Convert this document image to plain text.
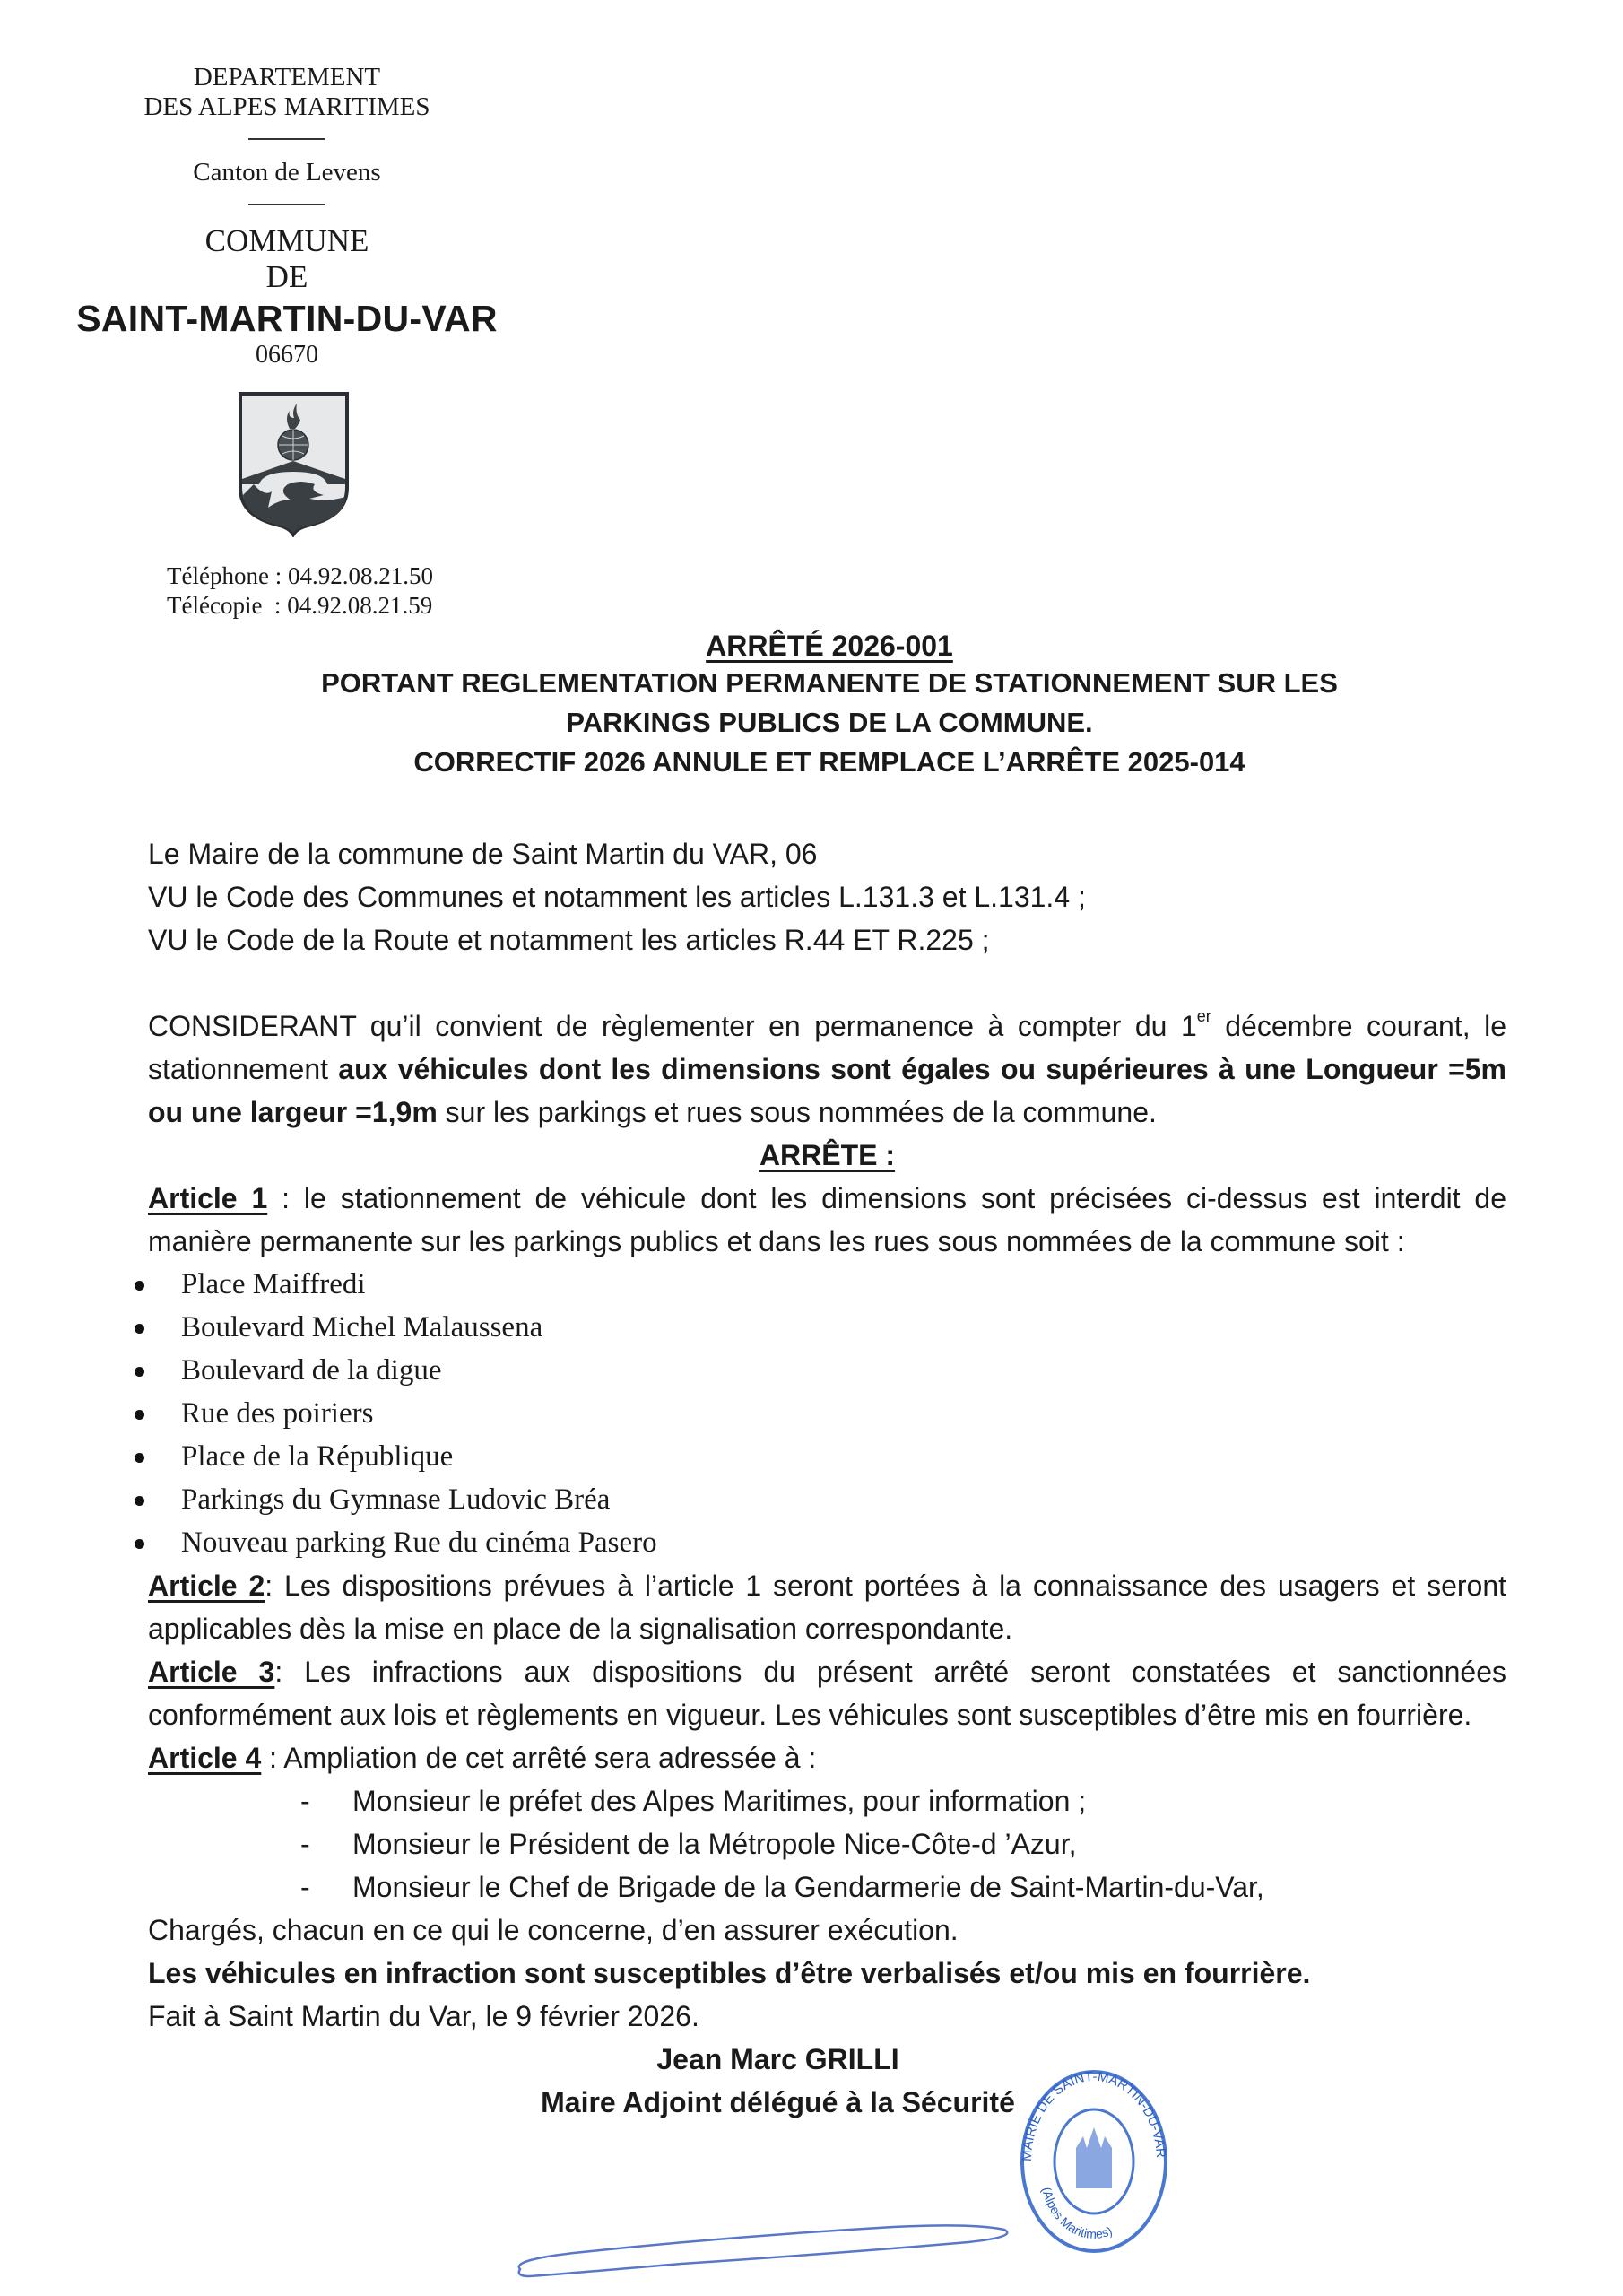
MAIRIE DE SAINT-MARTIN-DU-VAR
(Alpes Maritimes)
DEPARTEMENT
DES ALPES MARITIMES
Canton de Levens
COMMUNE
DE
SAINT-MARTIN-DU-VAR
06670
Téléphone : 04.92.08.21.50
Télécopie  : 04.92.08.21.59
ARRÊTÉ 2026-001
PORTANT REGLEMENTATION PERMANENTE DE STATIONNEMENT SUR LES
PARKINGS PUBLICS DE LA COMMUNE.
CORRECTIF 2026 ANNULE ET REMPLACE L’ARRÊTE 2025-014

Le Maire de la commune de Saint Martin du VAR, 06

VU le Code des Communes et notamment les articles L.131.3 et L.131.4 ;

VU le Code de la Route et notamment les articles R.44 ET R.225 ;

CONSIDERANT qu’il convient de règlementer en permanence à compter du 1er décembre courant, le stationnement aux véhicules dont les dimensions sont égales ou supérieures à une Longueur =5m ou une largeur =1,9m sur les parkings et rues sous nommées de la commune.

ARRÊTE :

Article 1 : le stationnement de véhicule dont les dimensions sont précisées ci-dessus est interdit de manière permanente sur les parkings publics et dans les rues sous nommées de la commune soit :

Place Maiffredi
Boulevard Michel Malaussena
Boulevard de la digue
Rue des poiriers
Place de la République
Parkings du Gymnase Ludovic Bréa
Nouveau parking Rue du cinéma Pasero

Article 2: Les dispositions prévues à l’article 1 seront portées à la connaissance des usagers et seront applicables dès la mise en place de la signalisation correspondante.

Article 3: Les infractions aux dispositions du présent arrêté seront constatées et sanctionnées conformément aux lois et règlements en vigueur. Les véhicules sont susceptibles d’être mis en fourrière.

Article 4 : Ampliation de cet arrêté sera adressée à :

- Monsieur le préfet des Alpes Maritimes, pour information ;
- Monsieur le Président de la Métropole Nice-Côte-d ’Azur,
- Monsieur le Chef de Brigade de la Gendarmerie de Saint-Martin-du-Var,

Chargés, chacun en ce qui le concerne, d’en assurer exécution.

Les véhicules en infraction sont susceptibles d’être verbalisés et/ou mis en fourrière.

Fait à Saint Martin du Var, le 9 février 2026.

Jean Marc GRILLI
Maire Adjoint délégué à la Sécurité
